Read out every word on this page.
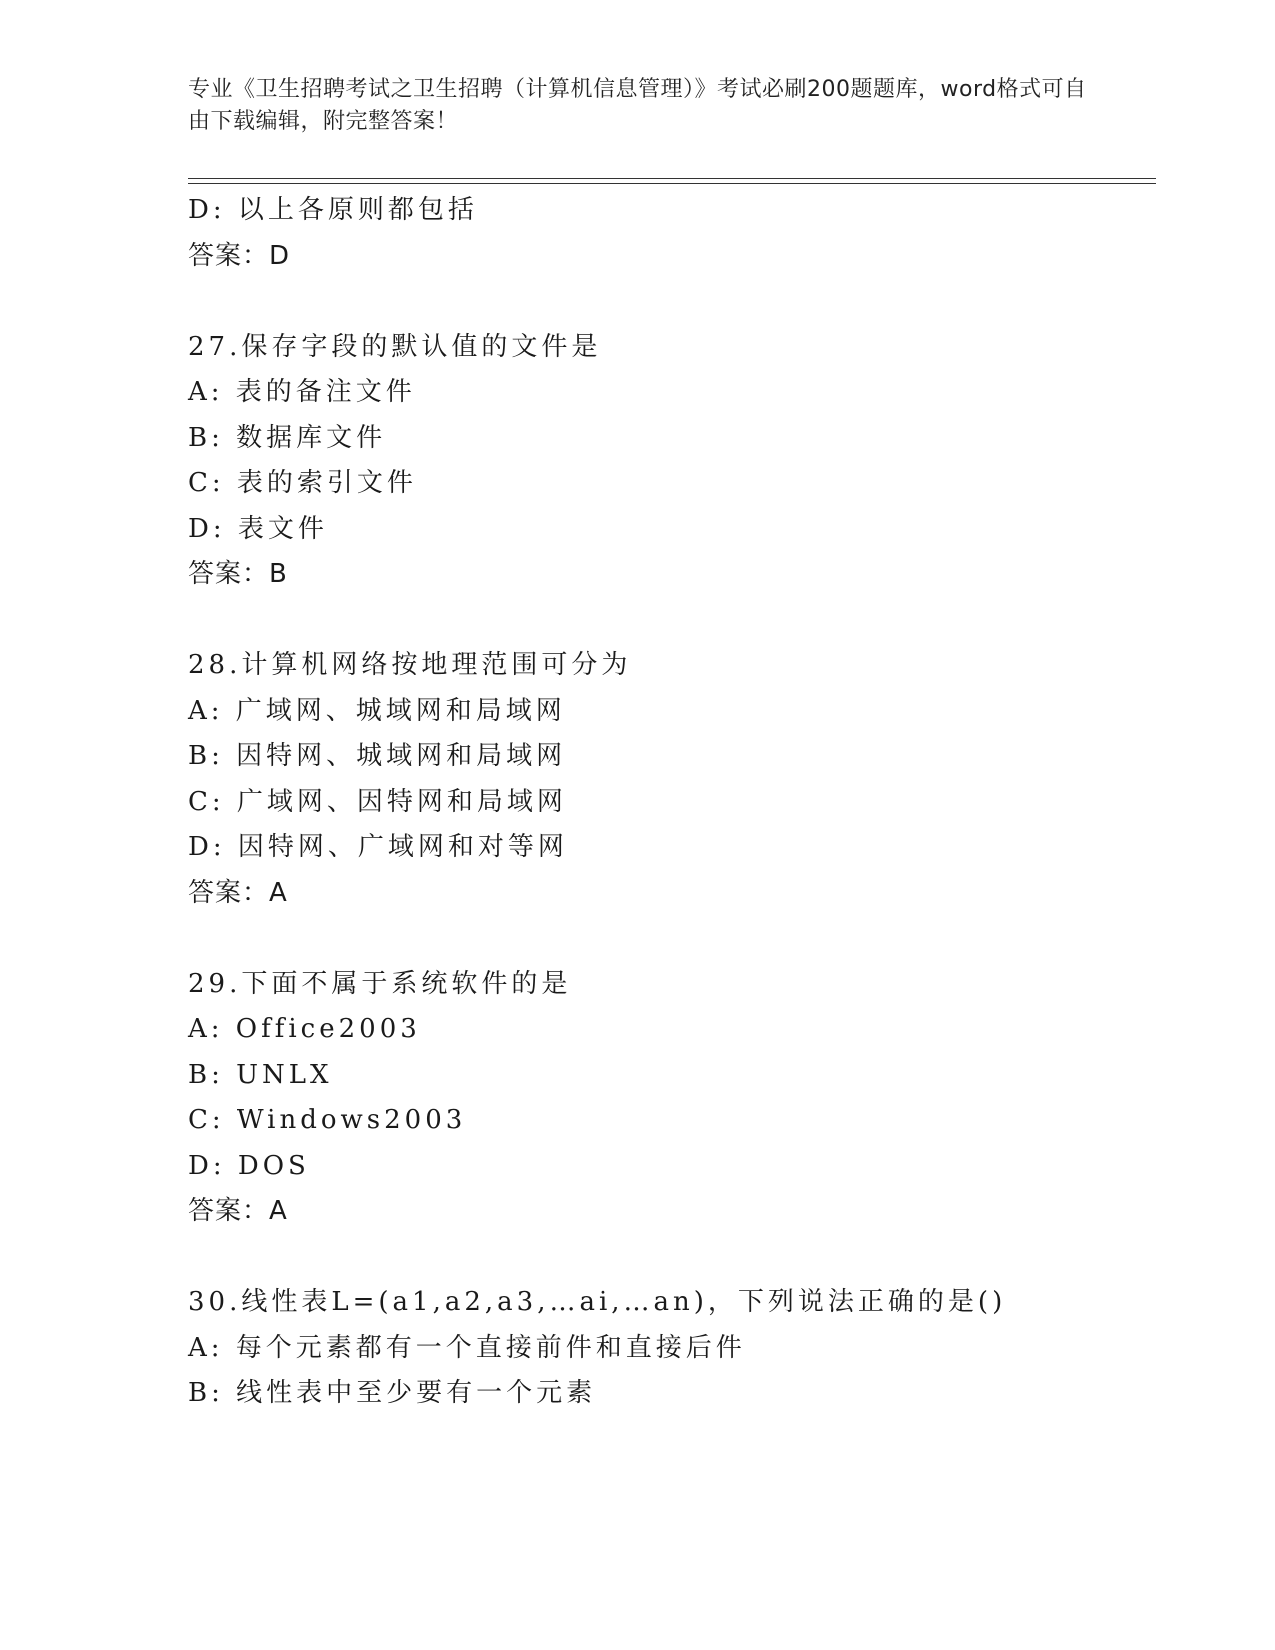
专业《卫生招聘考试之卫生招聘（计算机信息管理）》考试必刷200题题库，word格式可自由下载编辑，附完整答案！
D: 以上各原则都包括
答案：D
27.保存字段的默认值的文件是
A: 表的备注文件
B: 数据库文件
C: 表的索引文件
D: 表文件
答案：B
28.计算机网络按地理范围可分为
A: 广域网、城域网和局域网
B: 因特网、城域网和局域网
C: 广域网、因特网和局域网
D: 因特网、广域网和对等网
答案：A
29.下面不属于系统软件的是
A: Office2003
B: UNLX
C: Windows2003
D: DOS
答案：A
30.线性表L=(a1,a2,a3,…ai,…an)，下列说法正确的是()
A: 每个元素都有一个直接前件和直接后件
B: 线性表中至少要有一个元素
